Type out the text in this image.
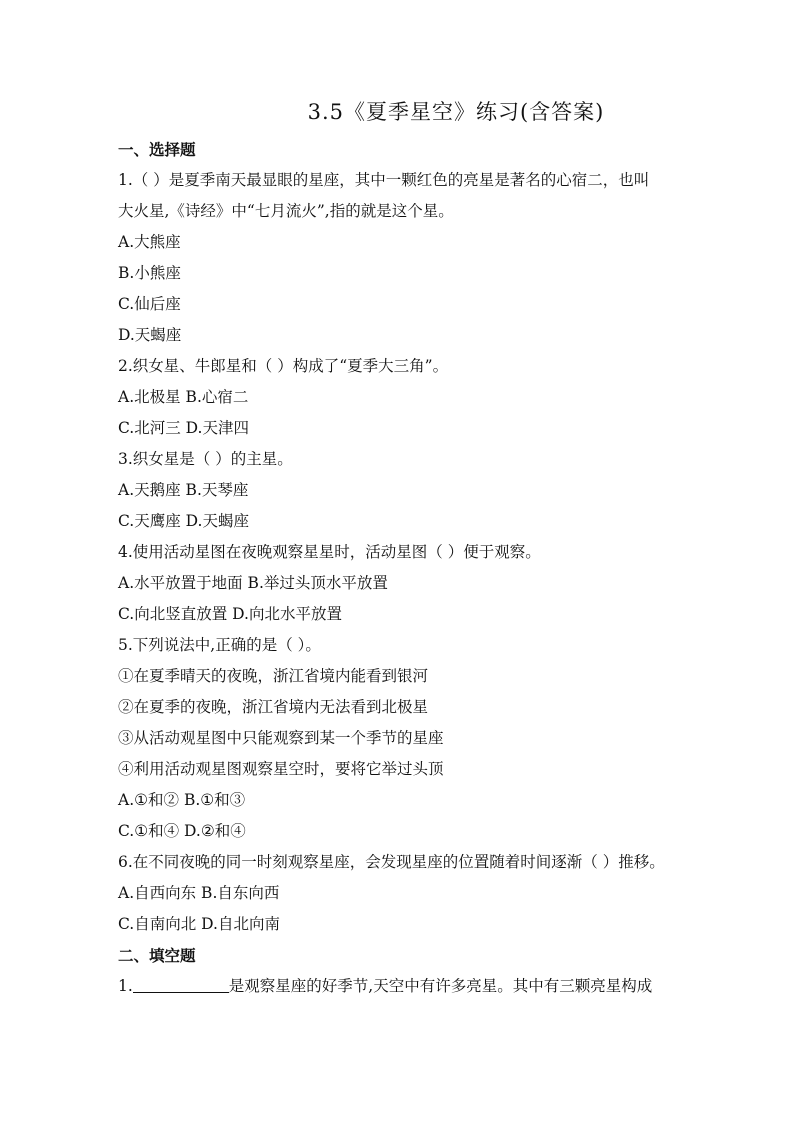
3.5《夏季星空》练习(含答案)
一、选择题
1.（ ）是夏季南天最显眼的星座，其中一颗红色的亮星是著名的心宿二，也叫
大火星,《诗经》中“七月流火”,指的就是这个星。
A.大熊座
B.小熊座
C.仙后座
D.天蝎座
2.织女星、牛郎星和（ ）构成了“夏季大三角”。
A.北极星 B.心宿二
C.北河三 D.天津四
3.织女星是（ ）的主星。
A.天鹅座 B.天琴座
C.天鹰座 D.天蝎座
4.使用活动星图在夜晚观察星星时，活动星图（ ）便于观察。
A.水平放置于地面 B.举过头顶水平放置
C.向北竖直放置 D.向北水平放置
5.下列说法中,正确的是（ ）。
①在夏季晴天的夜晚，浙江省境内能看到银河
②在夏季的夜晚，浙江省境内无法看到北极星
③从活动观星图中只能观察到某一个季节的星座
④利用活动观星图观察星空时，要将它举过头顶
A.①和② B.①和③
C.①和④ D.②和④
6.在不同夜晚的同一时刻观察星座，会发现星座的位置随着时间逐渐（ ）推移。
A.自西向东 B.自东向西
C.自南向北 D.自北向南
二、填空题
1.	是观察星座的好季节,天空中有许多亮星。其中有三颗亮星构成
